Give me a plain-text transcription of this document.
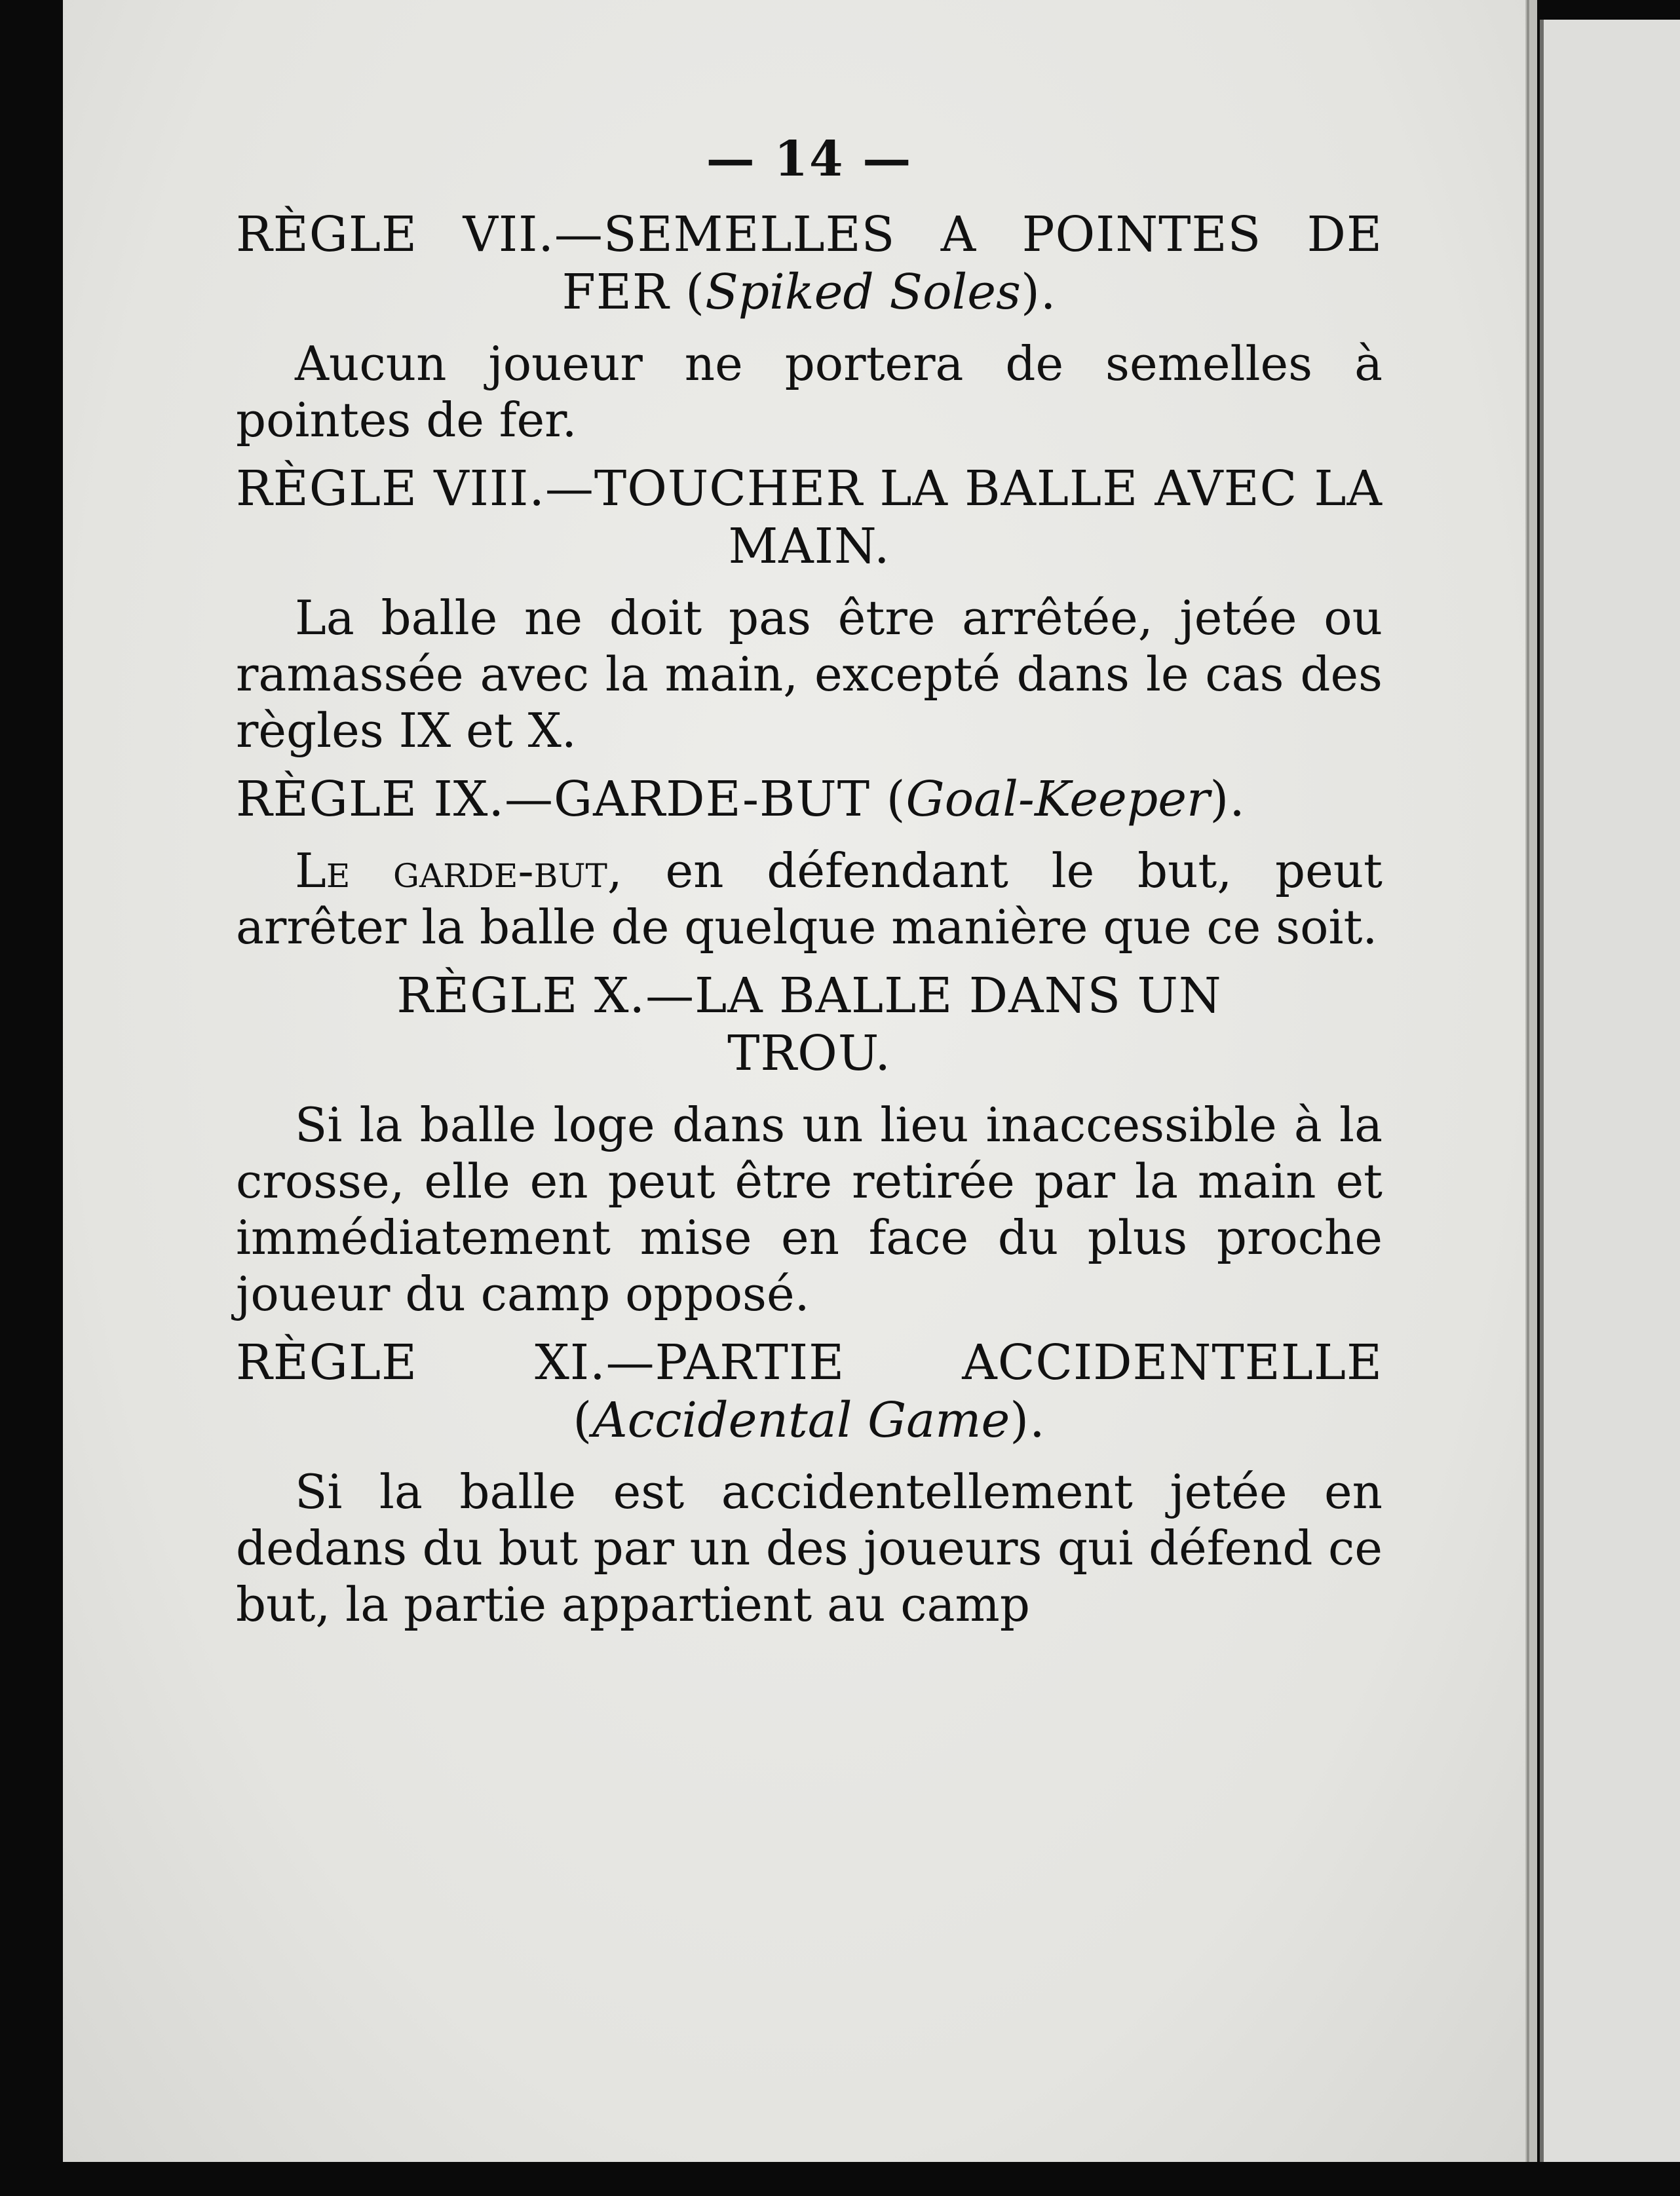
— 14 —

RÈGLE VII.—SEMELLES A POINTES DE FER (Spiked Soles).

Aucun joueur ne portera de semelles à pointes de fer.

RÈGLE VIII.—TOUCHER LA BALLE AVEC LA MAIN.

La balle ne doit pas être arrêtée, jetée ou ramassée avec la main, excepté dans le cas des règles IX et X.

RÈGLE IX.—GARDE-BUT (Goal-Keeper).

Le garde-but, en défendant le but, peut arrêter la balle de quelque manière que ce soit.

RÈGLE X.—LA BALLE DANS UN TROU.

Si la balle loge dans un lieu inaccessible à la crosse, elle en peut être retirée par la main et immédiatement mise en face du plus proche joueur du camp opposé.

RÈGLE XI.—PARTIE ACCIDENTELLE (Accidental Game).

Si la balle est accidentellement jetée en dedans du but par un des joueurs qui défend ce but, la partie appartient au camp
